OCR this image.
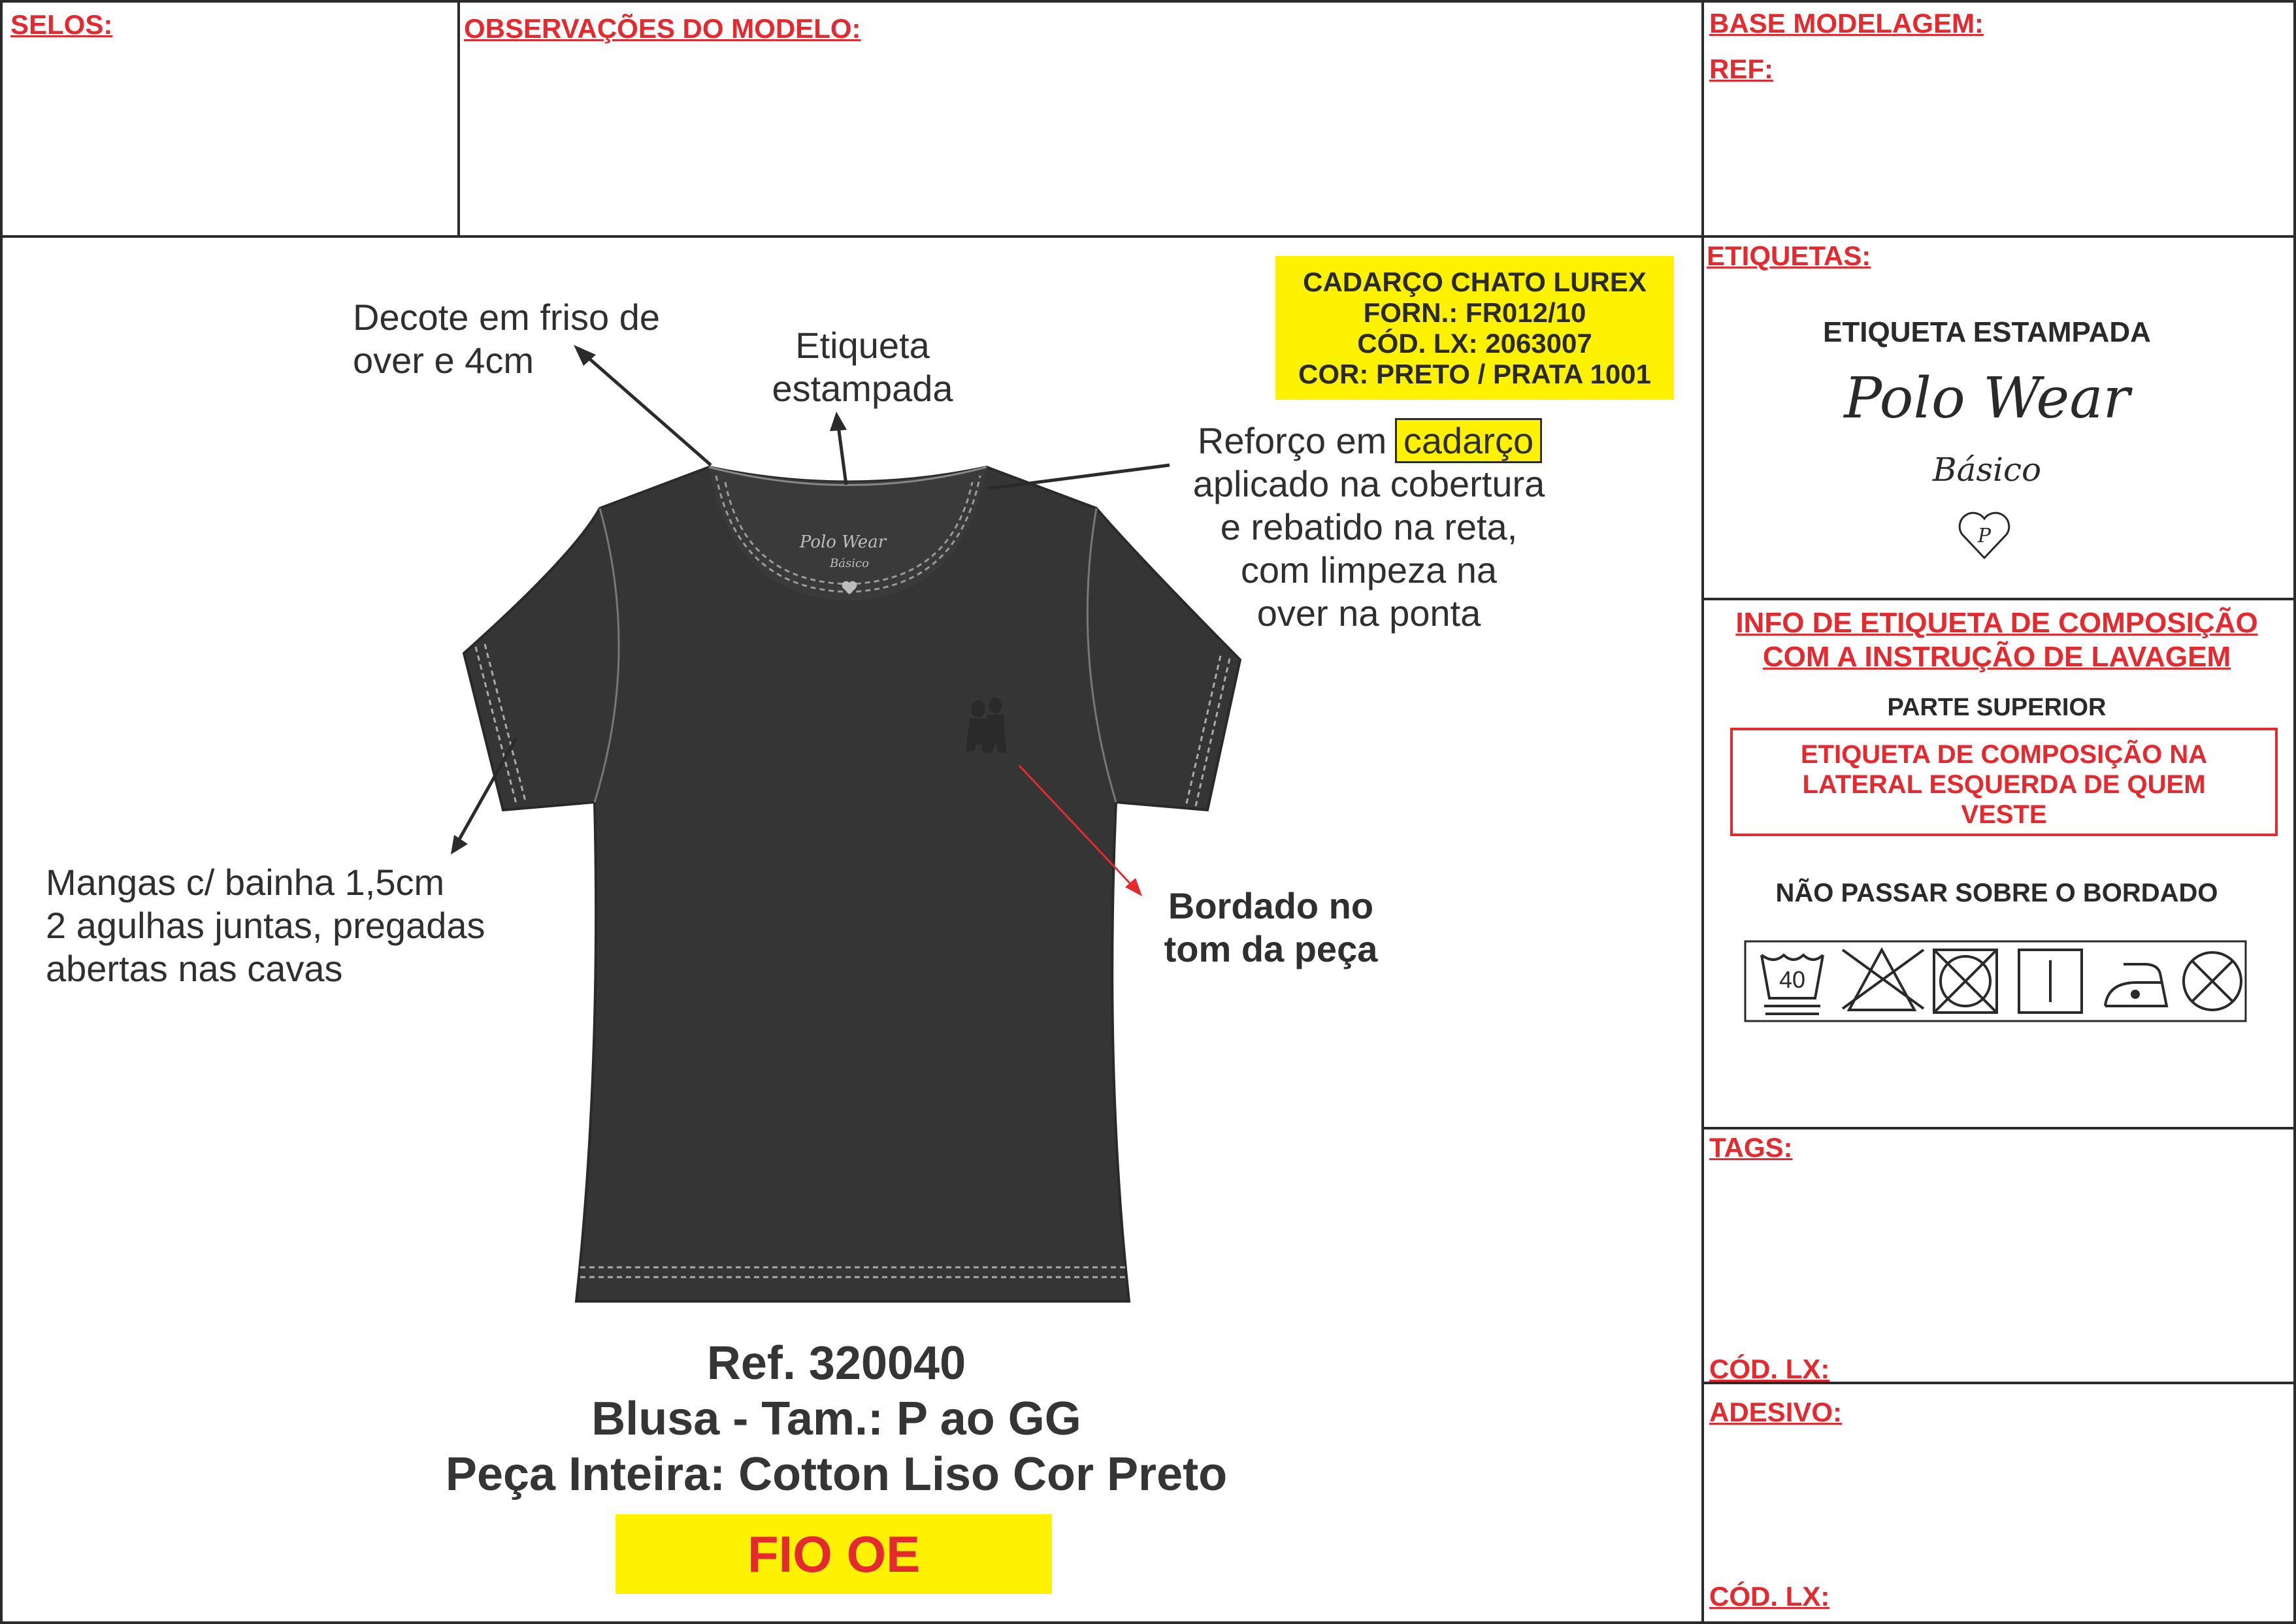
SELOS:	OBSERVAÇÕES DO MODELO:	BASE MODELAGEM:
REF:
ETIQUETAS:
TAGS:
CÓD. LX:
ADESIVO:
CÓD. LX:
Polo Wear
Básico
Decote em friso de
over e 4cm	Etiqueta
estampada
Reforço em cadarço
aplicado na cobertura
e rebatido na reta,
com limpeza na
over na ponta
Mangas c/ bainha 1,5cm
2 agulhas juntas, pregadas
abertas nas cavas
Bordado no
tom da peça
CADARÇO CHATO LUREX
FORN.: FR012/10
CÓD. LX: 2063007
COR: PRETO / PRATA 1001
Ref. 320040
Blusa - Tam.: P ao GG
Peça Inteira: Cotton Liso Cor Preto
FIO OE
ETIQUETA ESTAMPADA
Polo Wear
Básico
P
INFO DE ETIQUETA DE COMPOSIÇÃO
COM A INSTRUÇÃO DE LAVAGEM
PARTE SUPERIOR
ETIQUETA DE COMPOSIÇÃO NA
LATERAL ESQUERDA DE QUEM
VESTE
NÃO PASSAR SOBRE O BORDADO
40
